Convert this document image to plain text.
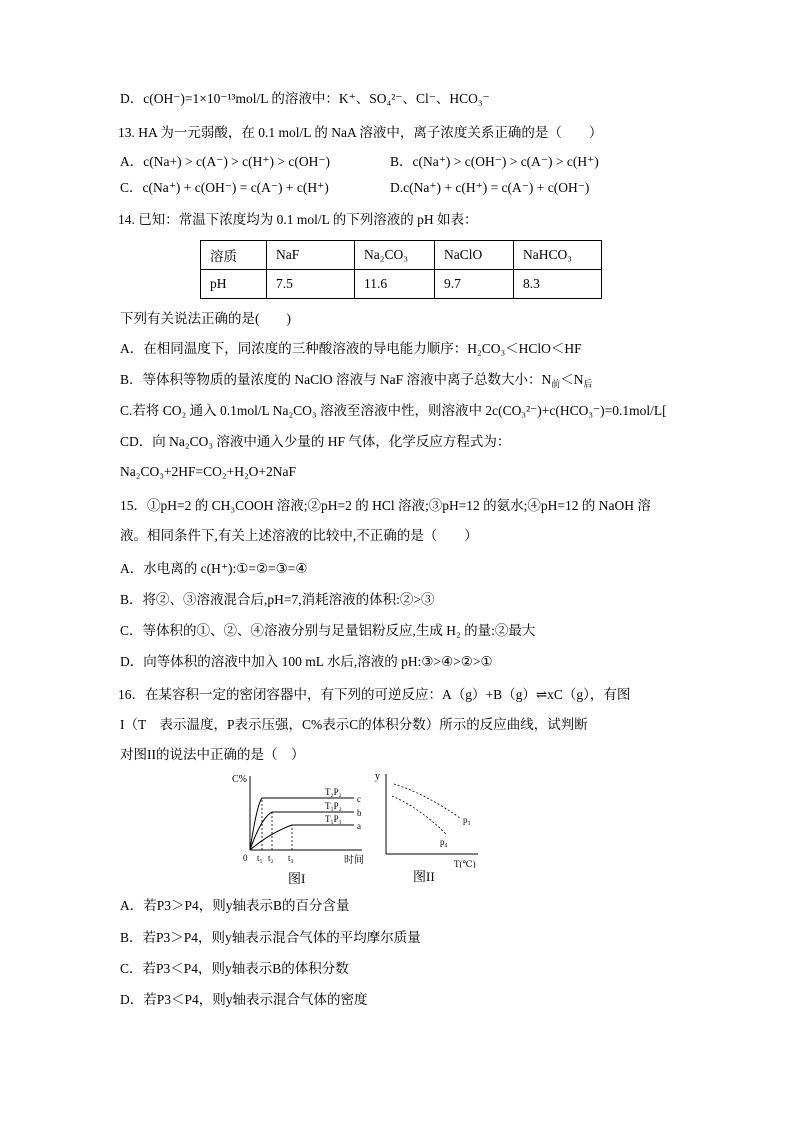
D．c(OH⁻)=1×10⁻¹³mol/L 的溶液中：K⁺、SO₄²⁻、Cl⁻、HCO₃⁻
13. HA 为一元弱酸，在 0.1 mol/L 的 NaA 溶液中，离子浓度关系正确的是（　　）
A．c(Na+) > c(A⁻) > c(H⁺) > c(OH⁻)	B．c(Na⁺) > c(OH⁻) > c(A⁻) > c(H⁺)
C．c(Na⁺) + c(OH⁻) = c(A⁻) + c(H⁺)	D.c(Na⁺) + c(H⁺) = c(A⁻) + c(OH⁻)
14. 已知：常温下浓度均为 0.1 mol/L 的下列溶液的 pH 如表：
溶质	NaF	Na₂CO₃	NaClO	NaHCO₃
pH	7.5	11.6	9.7	8.3
下列有关说法正确的是(　　)
A．在相同温度下，同浓度的三种酸溶液的导电能力顺序：H₂CO₃＜HClO＜HF
B．等体积等物质的量浓度的 NaClO 溶液与 NaF 溶液中离子总数大小：$N_前<N_后$
C.若将 CO₂ 通入 0.1mol/L Na₂CO₃ 溶液至溶液中性，则溶液中 2c(CO₃²⁻)+c(HCO₃⁻)=0.1mol/L[
CD．向 Na₂CO₃ 溶液中通入少量的 HF 气体，化学反应方程式为：
Na₂CO₃+2HF=CO₂+H₂O+2NaF
15．①pH=2 的 CH₃COOH 溶液;②pH=2 的 HCl 溶液;③pH=12 的氨水;④pH=12 的 NaOH 溶
液。相同条件下,有关上述溶液的比较中,不正确的是（　　）
A．水电离的 c(H⁺):①=②=③=④
B．将②、③溶液混合后,pH=7,消耗溶液的体积:②>③
C．等体积的①、②、④溶液分别与足量铝粉反应,生成 H₂ 的量:②最大
D．向等体积的溶液中加入 100 mL 水后,溶液的 pH:③>④>②>①
16．在某容积一定的密闭容器中，有下列的可逆反应：A（g）+B（g）⇌xC（g），有图
I（T　表示温度，P表示压强，C%表示C的体积分数）所示的反应曲线，试判断
对图II的说法中正确的是（　）
C%
时间
0 t₁ t₂ t₃
T₂P₂
c
T₁P₂
b
T₁P₁
a
图I
y
T(℃)
p₃
p₄
图II
A．若P3＞P4，则y轴表示B的百分含量
B．若P3＞P4，则y轴表示混合气体的平均摩尔质量
C．若P3＜P4，则y轴表示B的体积分数
D．若P3＜P4，则y轴表示混合气体的密度
